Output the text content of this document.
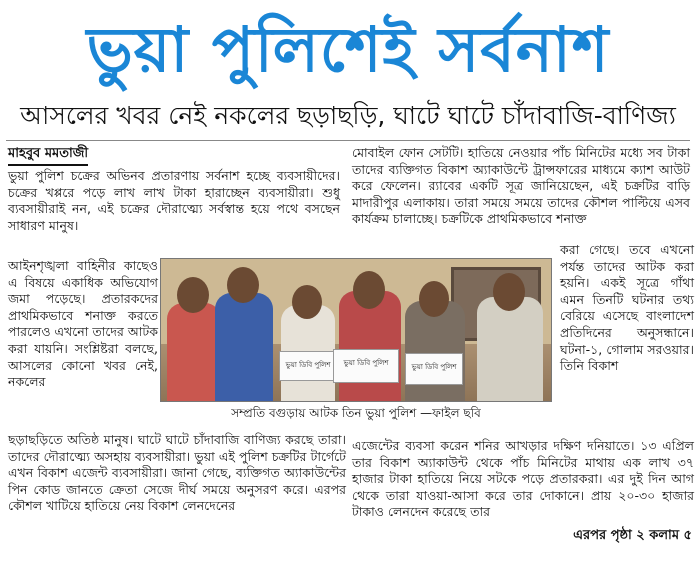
ভুয়া পুলিশেই সর্বনাশ
আসলের খবর নেই নকলের ছড়াছড়ি, ঘাটে ঘাটে চাঁদাবাজি-বাণিজ্য
মাহবুব মমতাজী
ভুয়া পুলিশ চক্রের অভিনব প্রতারণায় সর্বনাশ হচ্ছে ব্যবসায়ীদের। চক্রের খপ্পরে পড়ে লাখ লাখ টাকা হারাচ্ছেন ব্যবসায়ীরা। শুধু ব্যবসায়ীরাই নন, এই চক্রের দৌরাত্ম্যে সর্বস্বান্ত হয়ে পথে বসছেন সাধারণ মানুষ।
আইনশৃঙ্খলা বাহিনীর কাছেও এ বিষয়ে একাধিক অভিযোগ জমা পড়েছে। প্রতারকদের প্রাথমিকভাবে শনাক্ত করতে পারলেও এখনো তাদের আটক করা যায়নি। সংশ্লিষ্টরা বলছে, আসলের কোনো খবর নেই, নকলের
মোবাইল ফোন সেটটি। হাতিয়ে নেওয়ার পাঁচ মিনিটের মধ্যে সব টাকা তাদের ব্যক্তিগত বিকাশ অ্যাকাউন্টে ট্রান্সফারের মাধ্যমে ক্যাশ আউট করে ফেলেন। র‌্যাবের একটি সূত্র জানিয়েছেন, এই চক্রটির বাড়ি মাদারীপুর এলাকায়। তারা সময়ে সময়ে তাদের কৌশল পাল্টিয়ে এসব কার্যক্রম চালাচ্ছে। চক্রটিকে প্রাথমিকভাবে শনাক্ত
করা গেছে। তবে এখনো পর্যন্ত তাদের আটক করা হয়নি। একই সূত্রে গাঁথা এমন তিনটি ঘটনার তথ্য বেরিয়ে এসেছে বাংলাদেশ প্রতিদিনের অনুসন্ধানে। ঘটনা-১, গোলাম সরওয়ার। তিনি বিকাশ
ভুয়া ডিবি পুলিশ	ভুয়া ডিবি পুলিশ	ভুয়া ডিবি পুলিশ
সম্প্রতি বগুড়ায় আটক তিন ভুয়া পুলিশ —ফাইল ছবি
ছড়াছড়িতে অতিষ্ঠ মানুষ। ঘাটে ঘাটে চাঁদাবাজি বাণিজ্য করছে তারা। তাদের দৌরাত্ম্যে অসহায় ব্যবসায়ীরা। ভুয়া এই পুলিশ চক্রটির টার্গেটে এখন বিকাশ এজেন্ট ব্যবসায়ীরা। জানা গেছে, ব্যক্তিগত অ্যাকাউন্টের পিন কোড জানতে ক্রেতা সেজে দীর্ঘ সময়ে অনুসরণ করে। এরপর কৌশল খাটিয়ে হাতিয়ে নেয় বিকাশ লেনদেনের
এজেন্টের ব্যবসা করেন শনির আখড়ার দক্ষিণ দনিয়াতে। ১৩ এপ্রিল তার বিকাশ অ্যাকাউন্ট থেকে পাঁচ মিনিটের মাথায় এক লাখ ৩৭ হাজার টাকা হাতিয়ে নিয়ে সটকে পড়ে প্রতারকরা। এর দুই দিন আগ থেকে তারা যাওয়া-আসা করে তার দোকানে। প্রায় ২০-৩০ হাজার টাকাও লেনদেন করেছে তার
এরপর পৃষ্ঠা ২ কলাম ৫
